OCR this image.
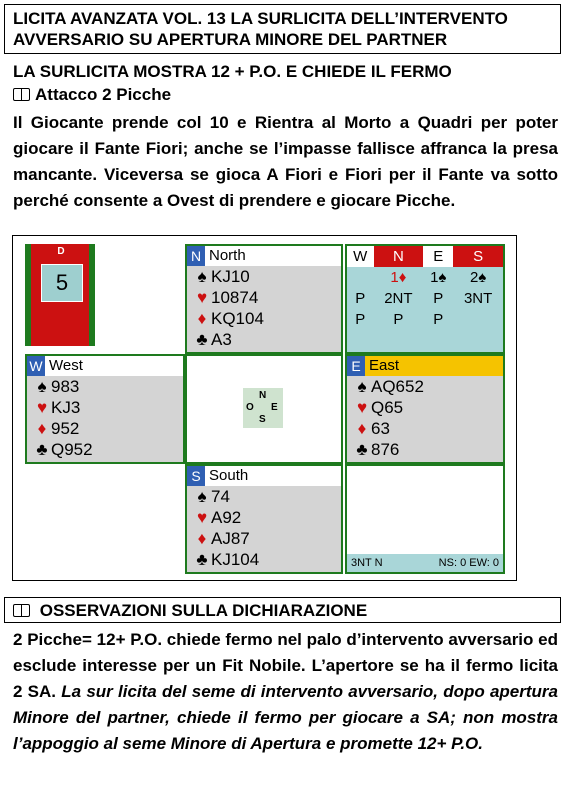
LICITA AVANZATA VOL. 13 LA SURLICITA DELL’INTERVENTO
AVVERSARIO SU APERTURA MINORE DEL PARTNER
LA SURLICITA MOSTRA 12 + P.O. E CHIEDE IL FERMO
Attacco 2 Picche
Il Giocante prende col 10 e Rientra al Morto a Quadri per poter giocare il Fante Fiori; anche se l’impasse fallisce affranca la presa mancante. Viceversa se gioca A Fiori e Fiori per il Fante va sotto perché consente a Ovest di prendere e giocare Picche.
D
5
N North
♠ KJ10
♥ 10874
♦ KQ104
♣ A3
W	N	E	S
	1♦	1♠	2♠
P	2NT	P	3NT
P	P	P	
W West
♠ 983
♥ KJ3
♦ 952
♣ Q952
N
O E
S
E East
♠ AQ652
♥ Q65
♦ 63
♣ 876
S South
♠ 74
♥ A92
♦ AJ87
♣ KJ104	3NT N	NS: 0 EW: 0
OSSERVAZIONI SULLA DICHIARAZIONE
2 Picche= 12+ P.O. chiede fermo nel palo d’intervento avversario ed esclude interesse per un Fit Nobile. L’apertore se ha il fermo licita 2 SA. La sur licita del seme di intervento avversario, dopo apertura Minore del partner, chiede il fermo per giocare a SA; non mostra l’appoggio al seme Minore di Apertura e promette 12+ P.O.
